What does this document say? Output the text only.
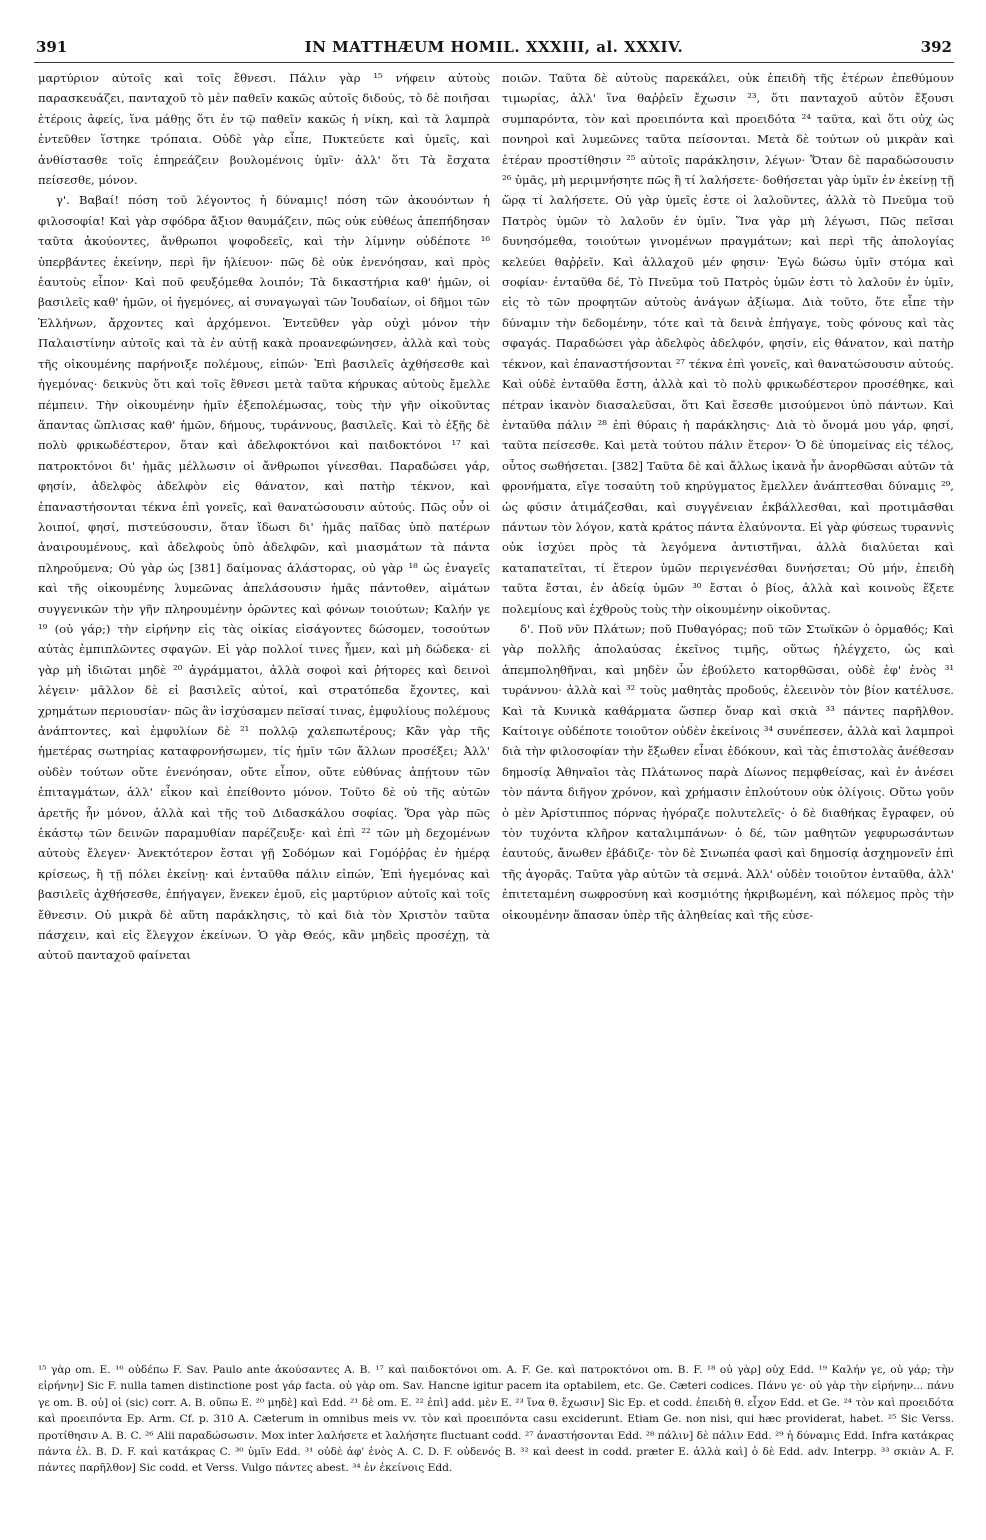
391	IN MATTHÆUM HOMIL. XXXIII, al. XXXIV.	392

μαρτύριον αὐτοῖς καὶ τοῖς ἔθνεσι. Πάλιν γὰρ ¹⁵ νήφειν αὐτοὺς παρασκευάζει, πανταχοῦ τὸ μὲν παθεῖν κακῶς αὐτοῖς διδούς, τὸ δὲ ποιῆσαι ἑτέροις ἀφείς, ἵνα μάθῃς ὅτι ἐν τῷ παθεῖν κακῶς ἡ νίκη, καὶ τὰ λαμπρὰ ἐντεῦθεν ἵστηκε τρόπαια. Οὐδὲ γὰρ εἶπε, Πυκτεύετε καὶ ὑμεῖς, καὶ ἀνθίστασθε τοῖς ἐπηρεάζειν βουλομένοις ὑμῖν· ἀλλ' ὅτι Τὰ ἔσχατα πείσεσθε, μόνον.

γ'. Βαβαί! πόση τοῦ λέγοντος ἡ δύναμις! πόση τῶν ἀκουόντων ἡ φιλοσοφία! Καὶ γὰρ σφόδρα ἄξιον θαυμάζειν, πῶς οὐκ εὐθέως ἀπεπήδησαν ταῦτα ἀκούοντες, ἄνθρωποι ψοφοδεεῖς, καὶ τὴν λίμνην οὐδέποτε ¹⁶ ὑπερβάντες ἐκείνην, περὶ ἣν ἡλίευον· πῶς δὲ οὐκ ἐνενόησαν, καὶ πρὸς ἑαυτοὺς εἶπον· Καὶ ποῦ φευξόμεθα λοιπόν; Τὰ δικαστήρια καθ' ἡμῶν, οἱ βασιλεῖς καθ' ἡμῶν, οἱ ἡγεμόνες, αἱ συναγωγαὶ τῶν Ἰουδαίων, οἱ δῆμοι τῶν Ἑλλήνων, ἄρχοντες καὶ ἀρχόμενοι. Ἐντεῦθεν γὰρ οὐχὶ μόνον τὴν Παλαιστίνην αὐτοῖς καὶ τὰ ἐν αὐτῇ κακὰ προανεφώνησεν, ἀλλὰ καὶ τοὺς τῆς οἰκουμένης παρήνοιξε πολέμους, εἰπών· Ἐπὶ βασιλεῖς ἀχθήσεσθε καὶ ἡγεμόνας· δεικνὺς ὅτι καὶ τοῖς ἔθνεσι μετὰ ταῦτα κήρυκας αὐτοὺς ἔμελλε πέμπειν. Τὴν οἰκουμένην ἡμῖν ἐξεπολέμωσας, τοὺς τὴν γῆν οἰκοῦντας ἅπαντας ὥπλισας καθ' ἡμῶν, δήμους, τυράννους, βασιλεῖς. Καὶ τὸ ἑξῆς δὲ πολὺ φρικωδέστερον, ὅταν καὶ ἀδελφοκτόνοι καὶ παιδοκτόνοι ¹⁷ καὶ πατροκτόνοι δι' ἡμᾶς μέλλωσιν οἱ ἄνθρωποι γίνεσθαι. Παραδώσει γάρ, φησίν, ἀδελφὸς ἀδελφὸν εἰς θάνατον, καὶ πατὴρ τέκνον, καὶ ἐπαναστήσονται τέκνα ἐπὶ γονεῖς, καὶ θανατώσουσιν αὐτούς. Πῶς οὖν οἱ λοιποί, φησί, πιστεύσουσιν, ὅταν ἴδωσι δι' ἡμᾶς παῖδας ὑπὸ πατέρων ἀναιρουμένους, καὶ ἀδελφοὺς ὑπὸ ἀδελφῶν, καὶ μιασμάτων τὰ πάντα πληρούμενα; Οὐ γὰρ ὡς [381] δαίμονας ἀλάστορας, οὐ γὰρ ¹⁸ ὡς ἐναγεῖς καὶ τῆς οἰκουμένης λυμεῶνας ἀπελάσουσιν ἡμᾶς πάντοθεν, αἱμάτων συγγενικῶν τὴν γῆν πληρουμένην ὁρῶντες καὶ φόνων τοιούτων; Καλήν γε ¹⁹ (οὐ γάρ;) τὴν εἰρήνην εἰς τὰς οἰκίας εἰσάγοντες δώσομεν, τοσούτων αὐτὰς ἐμπιπλῶντες σφαγῶν. Εἰ γὰρ πολλοί τινες ἦμεν, καὶ μὴ δώδεκα· εἰ γὰρ μὴ ἰδιῶται μηδὲ ²⁰ ἀγράμματοι, ἀλλὰ σοφοὶ καὶ ῥήτορες καὶ δεινοὶ λέγειν· μᾶλλον δὲ εἰ βασιλεῖς αὐτοί, καὶ στρατόπεδα ἔχοντες, καὶ χρημάτων περιουσίαν· πῶς ἂν ἰσχύσαμεν πεῖσαί τινας, ἐμφυλίους πολέμους ἀνάπτοντες, καὶ ἐμφυλίων δὲ ²¹ πολλῷ χαλεπωτέρους; Κἂν γὰρ τῆς ἡμετέρας σωτηρίας καταφρονήσωμεν, τίς ἡμῖν τῶν ἄλλων προσέξει; Ἀλλ' οὐδὲν τούτων οὔτε ἐνενόησαν, οὔτε εἶπον, οὔτε εὐθύνας ἀπῄτουν τῶν ἐπιταγμάτων, ἀλλ' εἶκον καὶ ἐπείθοντο μόνον. Τοῦτο δὲ οὐ τῆς αὐτῶν ἀρετῆς ἦν μόνον, ἀλλὰ καὶ τῆς τοῦ Διδασκάλου σοφίας. Ὅρα γὰρ πῶς ἑκάστῳ τῶν δεινῶν παραμυθίαν παρέζευξε· καὶ ἐπὶ ²² τῶν μὴ δεχομένων αὐτοὺς ἔλεγεν· Ἀνεκτότερον ἔσται γῇ Σοδόμων καὶ Γομόῤῥας ἐν ἡμέρᾳ κρίσεως, ἢ τῇ πόλει ἐκείνῃ· καὶ ἐνταῦθα πάλιν εἰπών, Ἐπὶ ἡγεμόνας καὶ βασιλεῖς ἀχθήσεσθε, ἐπήγαγεν, ἕνεκεν ἐμοῦ, εἰς μαρτύριον αὐτοῖς καὶ τοῖς ἔθνεσιν. Οὐ μικρὰ δὲ αὕτη παράκλησις, τὸ καὶ διὰ τὸν Χριστὸν ταῦτα πάσχειν, καὶ εἰς ἔλεγχον ἐκείνων. Ὁ γὰρ Θεός, κἂν μηδεὶς προσέχῃ, τὰ αὐτοῦ πανταχοῦ φαίνεται

ποιῶν. Ταῦτα δὲ αὐτοὺς παρεκάλει, οὐκ ἐπειδὴ τῆς ἑτέρων ἐπεθύμουν τιμωρίας, ἀλλ' ἵνα θαῤῥεῖν ἔχωσιν ²³, ὅτι πανταχοῦ αὐτὸν ἔξουσι συμπαρόντα, τὸν καὶ προειπόντα καὶ προειδότα ²⁴ ταῦτα, καὶ ὅτι οὐχ ὡς πονηροὶ καὶ λυμεῶνες ταῦτα πείσονται. Μετὰ δὲ τούτων οὐ μικρὰν καὶ ἑτέραν προστίθησιν ²⁵ αὐτοῖς παράκλησιν, λέγων· Ὅταν δὲ παραδώσουσιν ²⁶ ὑμᾶς, μὴ μεριμνήσητε πῶς ἢ τί λαλήσετε· δοθήσεται γὰρ ὑμῖν ἐν ἐκείνῃ τῇ ὥρᾳ τί λαλήσετε. Οὐ γὰρ ὑμεῖς ἐστε οἱ λαλοῦντες, ἀλλὰ τὸ Πνεῦμα τοῦ Πατρὸς ὑμῶν τὸ λαλοῦν ἐν ὑμῖν. Ἵνα γὰρ μὴ λέγωσι, Πῶς πεῖσαι δυνησόμεθα, τοιούτων γινομένων πραγμάτων; καὶ περὶ τῆς ἀπολογίας κελεύει θαῤῥεῖν. Καὶ ἀλλαχοῦ μέν φησιν· Ἐγὼ δώσω ὑμῖν στόμα καὶ σοφίαν· ἐνταῦθα δέ, Τὸ Πνεῦμα τοῦ Πατρὸς ὑμῶν ἐστι τὸ λαλοῦν ἐν ὑμῖν, εἰς τὸ τῶν προφητῶν αὐτοὺς ἀνάγων ἀξίωμα. Διὰ τοῦτο, ὅτε εἶπε τὴν δύναμιν τὴν δεδομένην, τότε καὶ τὰ δεινὰ ἐπήγαγε, τοὺς φόνους καὶ τὰς σφαγάς. Παραδώσει γὰρ ἀδελφὸς ἀδελφόν, φησίν, εἰς θάνατον, καὶ πατὴρ τέκνον, καὶ ἐπαναστήσονται ²⁷ τέκνα ἐπὶ γονεῖς, καὶ θανατώσουσιν αὐτούς. Καὶ οὐδὲ ἐνταῦθα ἔστη, ἀλλὰ καὶ τὸ πολὺ φρικωδέστερον προσέθηκε, καὶ πέτραν ἱκανὸν διασαλεῦσαι, ὅτι Καὶ ἔσεσθε μισούμενοι ὑπὸ πάντων. Καὶ ἐνταῦθα πάλιν ²⁸ ἐπὶ θύραις ἡ παράκλησις· Διὰ τὸ ὄνομά μου γάρ, φησί, ταῦτα πείσεσθε. Καὶ μετὰ τούτου πάλιν ἕτερον· Ὁ δὲ ὑπομείνας εἰς τέλος, οὗτος σωθήσεται. [382] Ταῦτα δὲ καὶ ἄλλως ἱκανὰ ἦν ἀνορθῶσαι αὐτῶν τὰ φρονήματα, εἴγε τοσαύτη τοῦ κηρύγματος ἔμελλεν ἀνάπτεσθαι δύναμις ²⁹, ὡς φύσιν ἀτιμάζεσθαι, καὶ συγγένειαν ἐκβάλλεσθαι, καὶ προτιμᾶσθαι πάντων τὸν λόγον, κατὰ κράτος πάντα ἐλαύνοντα. Εἰ γὰρ φύσεως τυραννὶς οὐκ ἰσχύει πρὸς τὰ λεγόμενα ἀντιστῆναι, ἀλλὰ διαλύεται καὶ καταπατεῖται, τί ἕτερον ὑμῶν περιγενέσθαι δυνήσεται; Οὐ μήν, ἐπειδὴ ταῦτα ἔσται, ἐν ἀδείᾳ ὑμῶν ³⁰ ἔσται ὁ βίος, ἀλλὰ καὶ κοινοὺς ἕξετε πολεμίους καὶ ἐχθροὺς τοὺς τὴν οἰκουμένην οἰκοῦντας.

δ'. Ποῦ νῦν Πλάτων; ποῦ Πυθαγόρας; ποῦ τῶν Στωϊκῶν ὁ ὁρμαθός; Καὶ γὰρ πολλῆς ἀπολαύσας ἐκεῖνος τιμῆς, οὕτως ἠλέγχετο, ὡς καὶ ἀπεμποληθῆναι, καὶ μηδὲν ὧν ἐβούλετο κατορθῶσαι, οὐδὲ ἐφ' ἑνὸς ³¹ τυράννου· ἀλλὰ καὶ ³² τοὺς μαθητὰς προδούς, ἐλεεινὸν τὸν βίον κατέλυσε. Καὶ τὰ Κυνικὰ καθάρματα ὥσπερ ὄναρ καὶ σκιὰ ³³ πάντες παρῆλθον. Καίτοιγε οὐδέποτε τοιοῦτον οὐδὲν ἐκείνοις ³⁴ συνέπεσεν, ἀλλὰ καὶ λαμπροὶ διὰ τὴν φιλοσοφίαν τὴν ἔξωθεν εἶναι ἐδόκουν, καὶ τὰς ἐπιστολὰς ἀνέθεσαν δημοσίᾳ Ἀθηναῖοι τὰς Πλάτωνος παρὰ Δίωνος πεμφθείσας, καὶ ἐν ἀνέσει τὸν πάντα διῆγον χρόνον, καὶ χρήμασιν ἐπλούτουν οὐκ ὀλίγοις. Οὕτω γοῦν ὁ μὲν Ἀρίστιππος πόρνας ἠγόραζε πολυτελεῖς· ὁ δὲ διαθήκας ἔγραφεν, οὐ τὸν τυχόντα κλῆρον καταλιμπάνων· ὁ δέ, τῶν μαθητῶν γεφυρωσάντων ἑαυτούς, ἄνωθεν ἐβάδιζε· τὸν δὲ Σινωπέα φασὶ καὶ δημοσίᾳ ἀσχημονεῖν ἐπὶ τῆς ἀγορᾶς. Ταῦτα γὰρ αὐτῶν τὰ σεμνά. Ἀλλ' οὐδὲν τοιοῦτον ἐνταῦθα, ἀλλ' ἐπιτεταμένη σωφροσύνη καὶ κοσμιότης ἠκριβωμένη, καὶ πόλεμος πρὸς τὴν οἰκουμένην ἅπασαν ὑπὲρ τῆς ἀληθείας καὶ τῆς εὐσε-

¹⁵ γὰρ om. E. ¹⁶ οὐδέπω F. Sav. Paulo ante ἀκούσαντες A. B. ¹⁷ καὶ παιδοκτόνοι om. A. F. Ge. καὶ πατροκτόνοι om. B. F. ¹⁸ οὐ γὰρ] οὐχ Edd. ¹⁹ Καλήν γε, οὐ γάρ; τὴν εἰρήνην] Sic F. nulla tamen distinctione post γάρ facta. οὐ γὰρ om. Sav. Hancne igitur pacem ita optabilem, etc. Ge. Cæteri codices. Πάνυ γε· οὐ γὰρ τὴν εἰρήνην... πάνυ γε om. B. οὐ] οἱ (sic) corr. A. B. οὔπω E. ²⁰ μηδὲ] καὶ Edd. ²¹ δὲ om. E. ²² ἐπὶ] add. μὲν E. ²³ ἵνα θ. ἔχωσιν] Sic Ep. et codd. ἐπειδὴ θ. εἶχον Edd. et Ge. ²⁴ τὸν καὶ προειδότα καὶ προειπόντα Ep. Arm. Cf. p. 310 A. Cæterum in omnibus meis vv. τὸν καὶ προειπόντα casu exciderunt. Etiam Ge. non nisi, qui hæc providerat, habet. ²⁵ Sic Verss. προτίθησιν A. B. C. ²⁶ Alii παραδώσωσιν. Mox inter λαλήσετε et λαλήσητε fluctuant codd. ²⁷ ἀναστήσονται Edd. ²⁸ πάλιν] δὲ πάλιν Edd. ²⁹ ἡ δύναμις Edd. Infra κατάκρας πάντα ἐλ. B. D. F. καὶ κατάκρας C. ³⁰ ὑμῖν Edd. ³¹ οὐδὲ ἀφ' ἑνὸς A. C. D. F. οὐδενός B. ³² καὶ deest in codd. præter E. ἀλλὰ καὶ] ὁ δὲ Edd. adv. Interpp. ³³ σκιὰν A. F. πάντες παρῆλθον] Sic codd. et Verss. Vulgo πάντες abest. ³⁴ ἐν ἐκείνοις Edd.
